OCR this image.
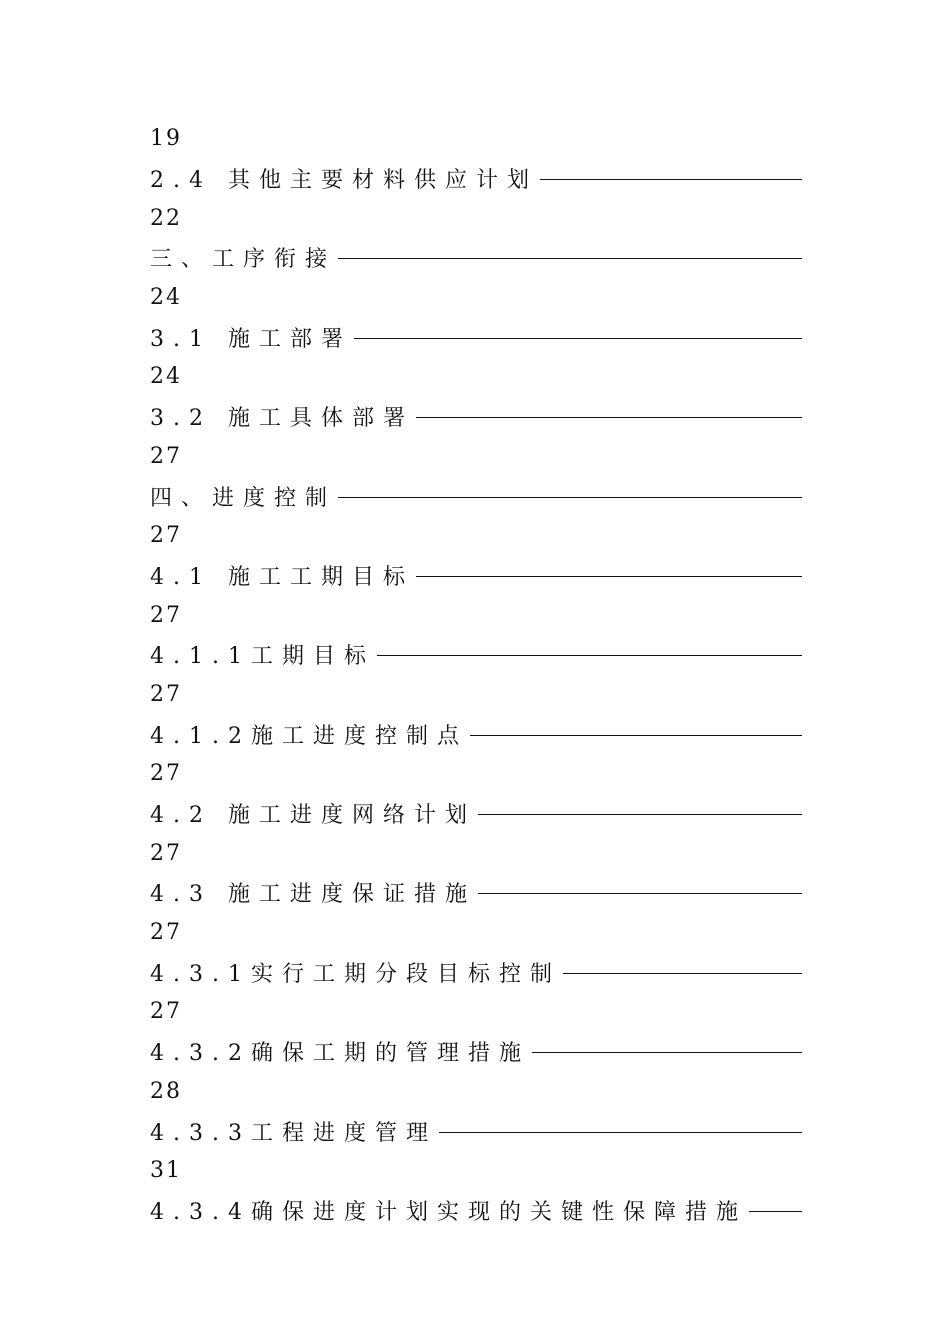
19
2.4 其他主要材料供应计划
22
三、工序衔接
24
3.1 施工部署
24
3.2 施工具体部署
27
四、进度控制
27
4.1 施工工期目标
27
4.1.1工期目标
27
4.1.2施工进度控制点
27
4.2 施工进度网络计划
27
4.3 施工进度保证措施
27
4.3.1实行工期分段目标控制
27
4.3.2确保工期的管理措施
28
4.3.3工程进度管理
31
4.3.4确保进度计划实现的关键性保障措施
